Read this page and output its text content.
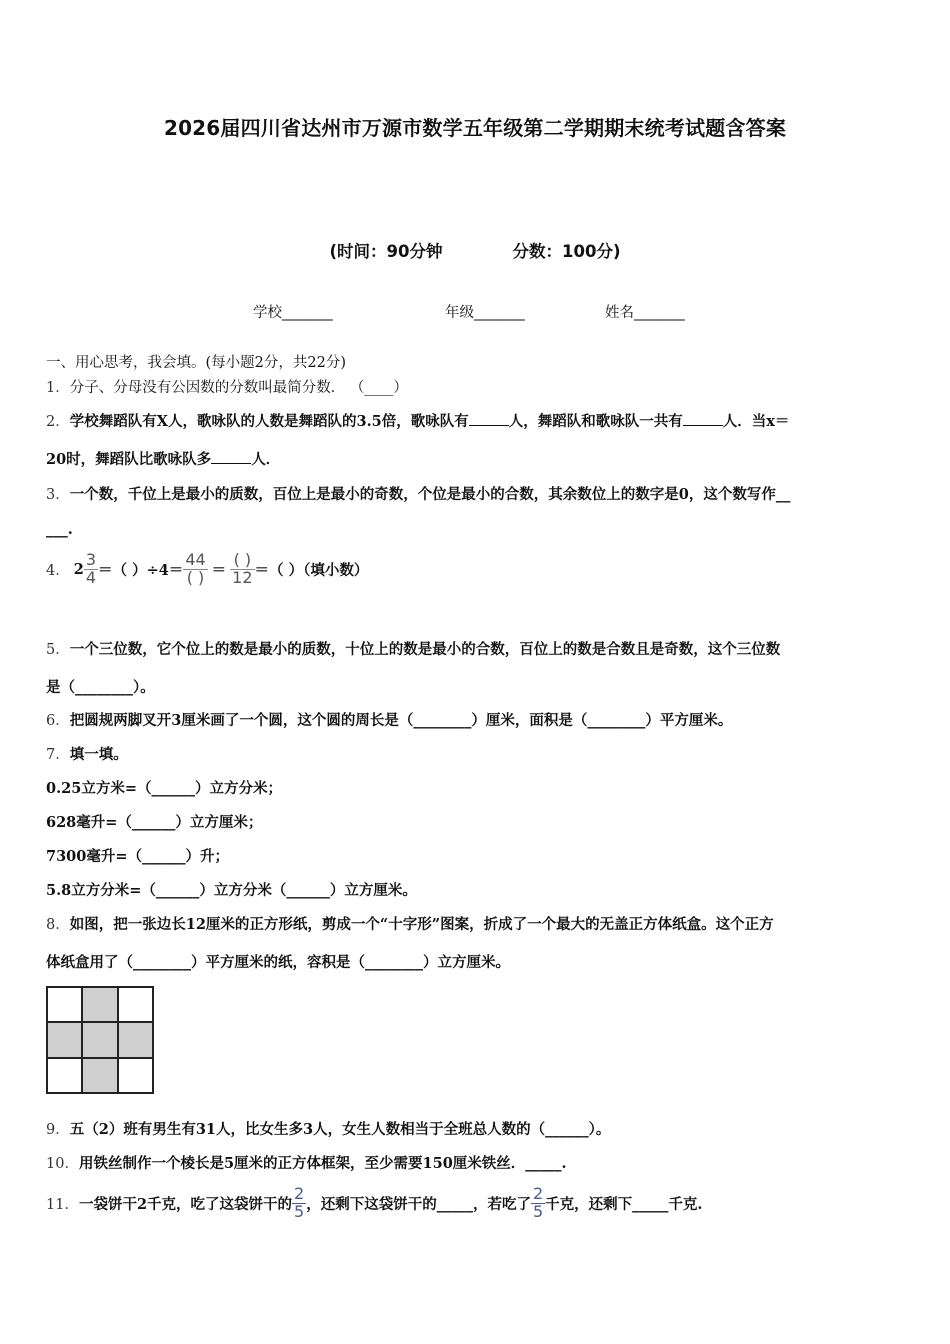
2026届四川省达州市万源市数学五年级第二学期期末统考试题含答案
(时间：90分钟	分数：100分)
学校_______	年级_______	姓名_______
一、用心思考，我会填。(每小题2分，共22分)
1．分子、分母没有公因数的分数叫最简分数． （____）
2．学校舞蹈队有X人，歌咏队的人数是舞蹈队的3.5倍，歌咏队有	人，舞蹈队和歌咏队一共有	人．当x＝
20时，舞蹈队比歌咏队多	人．
3．一个数，千位上是最小的质数，百位上是最小的奇数，个位是最小的合数，其余数位上的数字是0，这个数写作__
___.
4． $2 \frac{3}{4}$ ＝（ ）$\div 4= \frac{44}{( )} = \frac{( )}{12}$ ＝（ ）（填小数）
5．一个三位数，它个位上的数是最小的质数，十位上的数是最小的合数，百位上的数是合数且是奇数，这个三位数
是（________）。
6．把圆规两脚叉开3厘米画了一个圆，这个圆的周长是（________）厘米，面积是（________）平方厘米。
7．填一填。
0.25立方米=（______）立方分米；
628毫升=（______）立方厘米；
7300毫升=（______）升；
5.8立方分米=（______）立方分米（______）立方厘米。
8．如图，把一张边长12厘米的正方形纸，剪成一个“十字形”图案，折成了一个最大的无盖正方体纸盒。这个正方
体纸盒用了（________）平方厘米的纸，容积是（________）立方厘米。
9．五（2）班有男生有31人，比女生多3人，女生人数相当于全班总人数的（______）。
10．用铁丝制作一个棱长是5厘米的正方体框架，至少需要150厘米铁丝．_____.
11． 一袋饼干2千克，吃了这袋饼干的 $\frac{2}{5}$ ，还剩下这袋饼干的_____，若吃了 $\frac{2}{5}$ 千克，还剩下_____千克.
